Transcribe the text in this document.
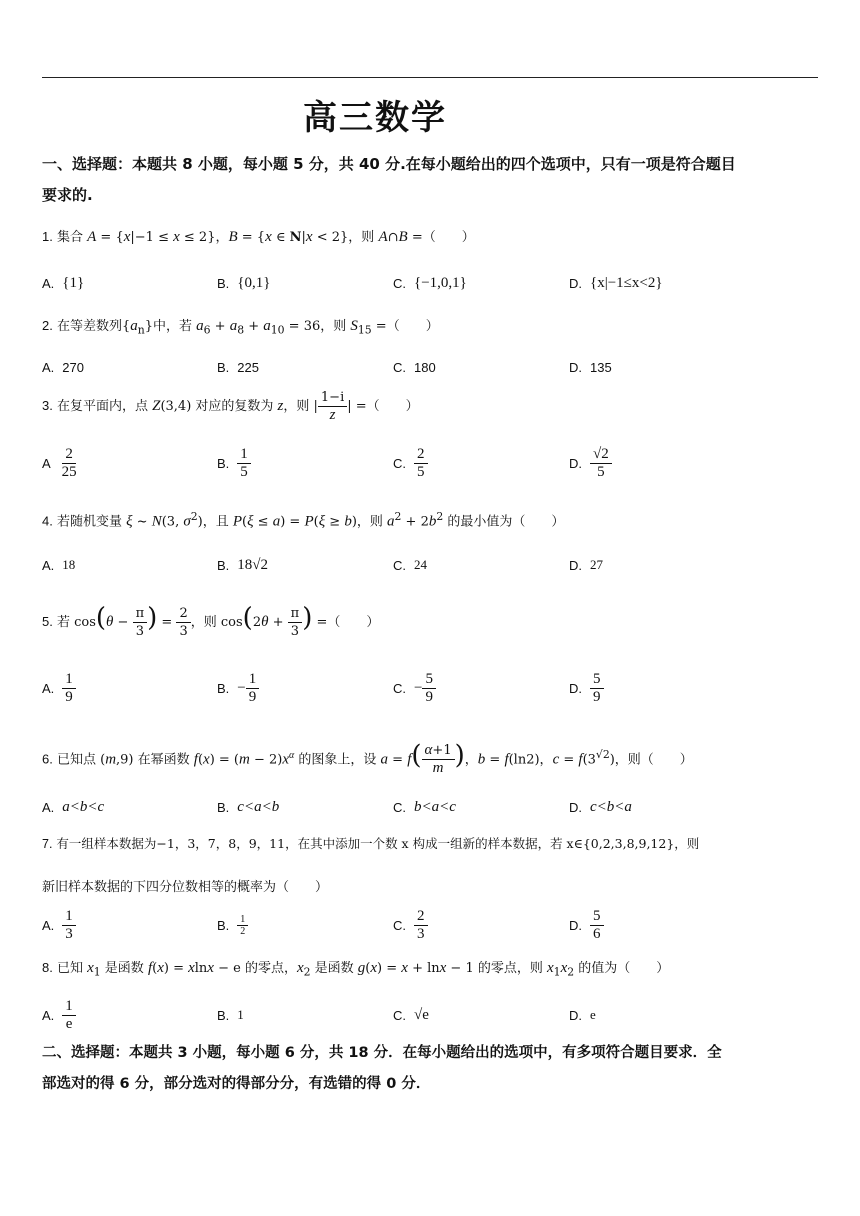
高三数学
一、选择题：本题共 8 小题，每小题 5 分，共 40 分.在每小题给出的四个选项中，只有一项是符合题目
要求的.
1. 集合 A = {x|−1 ≤ x ≤ 2}，B = {x ∈ N|x < 2}，则 A∩B =（　　）
A. {1}	B. {0,1}	C. {−1,0,1}	D. {x|−1≤x<2}
2. 在等差数列$\{a_n\}$中，若 $a_6 + a_8 + a_{10} = 36$，则 $S_{15}$ =（　　）
A. 270	B. 225	C. 180	D. 135
3. 在复平面内，点 Z(3,4) 对应的复数为 z，则 | $\frac{1-i}{z}$ | =（　　）
A $\frac{2}{25}$	B. $\frac{1}{5}$	C. $\frac{2}{5}$	D. $\frac{√2}{5}$
4. 若随机变量 ξ ~ N(3, $\sigma^2$)，且 P(ξ ≤ a) = P(ξ ≥ b)，则 $a^2 + 2b^2$ 的最小值为（　　）
A. 18	B. 18√2	C. 24	D. 27
5. 若 $\cos(\theta - \frac{\pi}{3}$ ) = $\frac{2}{3}$ ，则 $\cos(2\theta + \frac{\pi}{3}$ ) =（　　）
A. $\frac{1}{9}$	B. − $\frac{1}{9}$	C. − $\frac{5}{9}$	D. $\frac{5}{9}$
6. 已知点 (m,9) 在幂函数 $f(x) = (m - 2)x^\alpha$ 的图象上，设 $a = f( \frac{\alpha+1}{m}$ )，b = f(ln2)，$c = f(3^{√2})$，则（　　）
A. a<b<c	B. c<a<b	C. b<a<c	D. c<b<a
7. 有一组样本数据为−1，3，7，8，9，11，在其中添加一个数 x 构成一组新的样本数据，若 x∈{0,2,3,8,9,12}，则
新旧样本数据的下四分位数相等的概率为（　　）
A. $\frac{1}{3}$	B. $\frac{1}{2}$	C. $\frac{2}{3}$	D. $\frac{5}{6}$
8. 已知 $x_1$ 是函数 f(x) = xlnx − e 的零点，$x_2$ 是函数 g(x) = x + lnx − 1 的零点，则 $x_1x_2$ 的值为（　　）
A. $\frac{1}{e}$	B. 1	C. √e	D. e
二、选择题：本题共 3 小题，每小题 6 分，共 18 分．在每小题给出的选项中，有多项符合题目要求．全
部选对的得 6 分，部分选对的得部分分，有选错的得 0 分．
